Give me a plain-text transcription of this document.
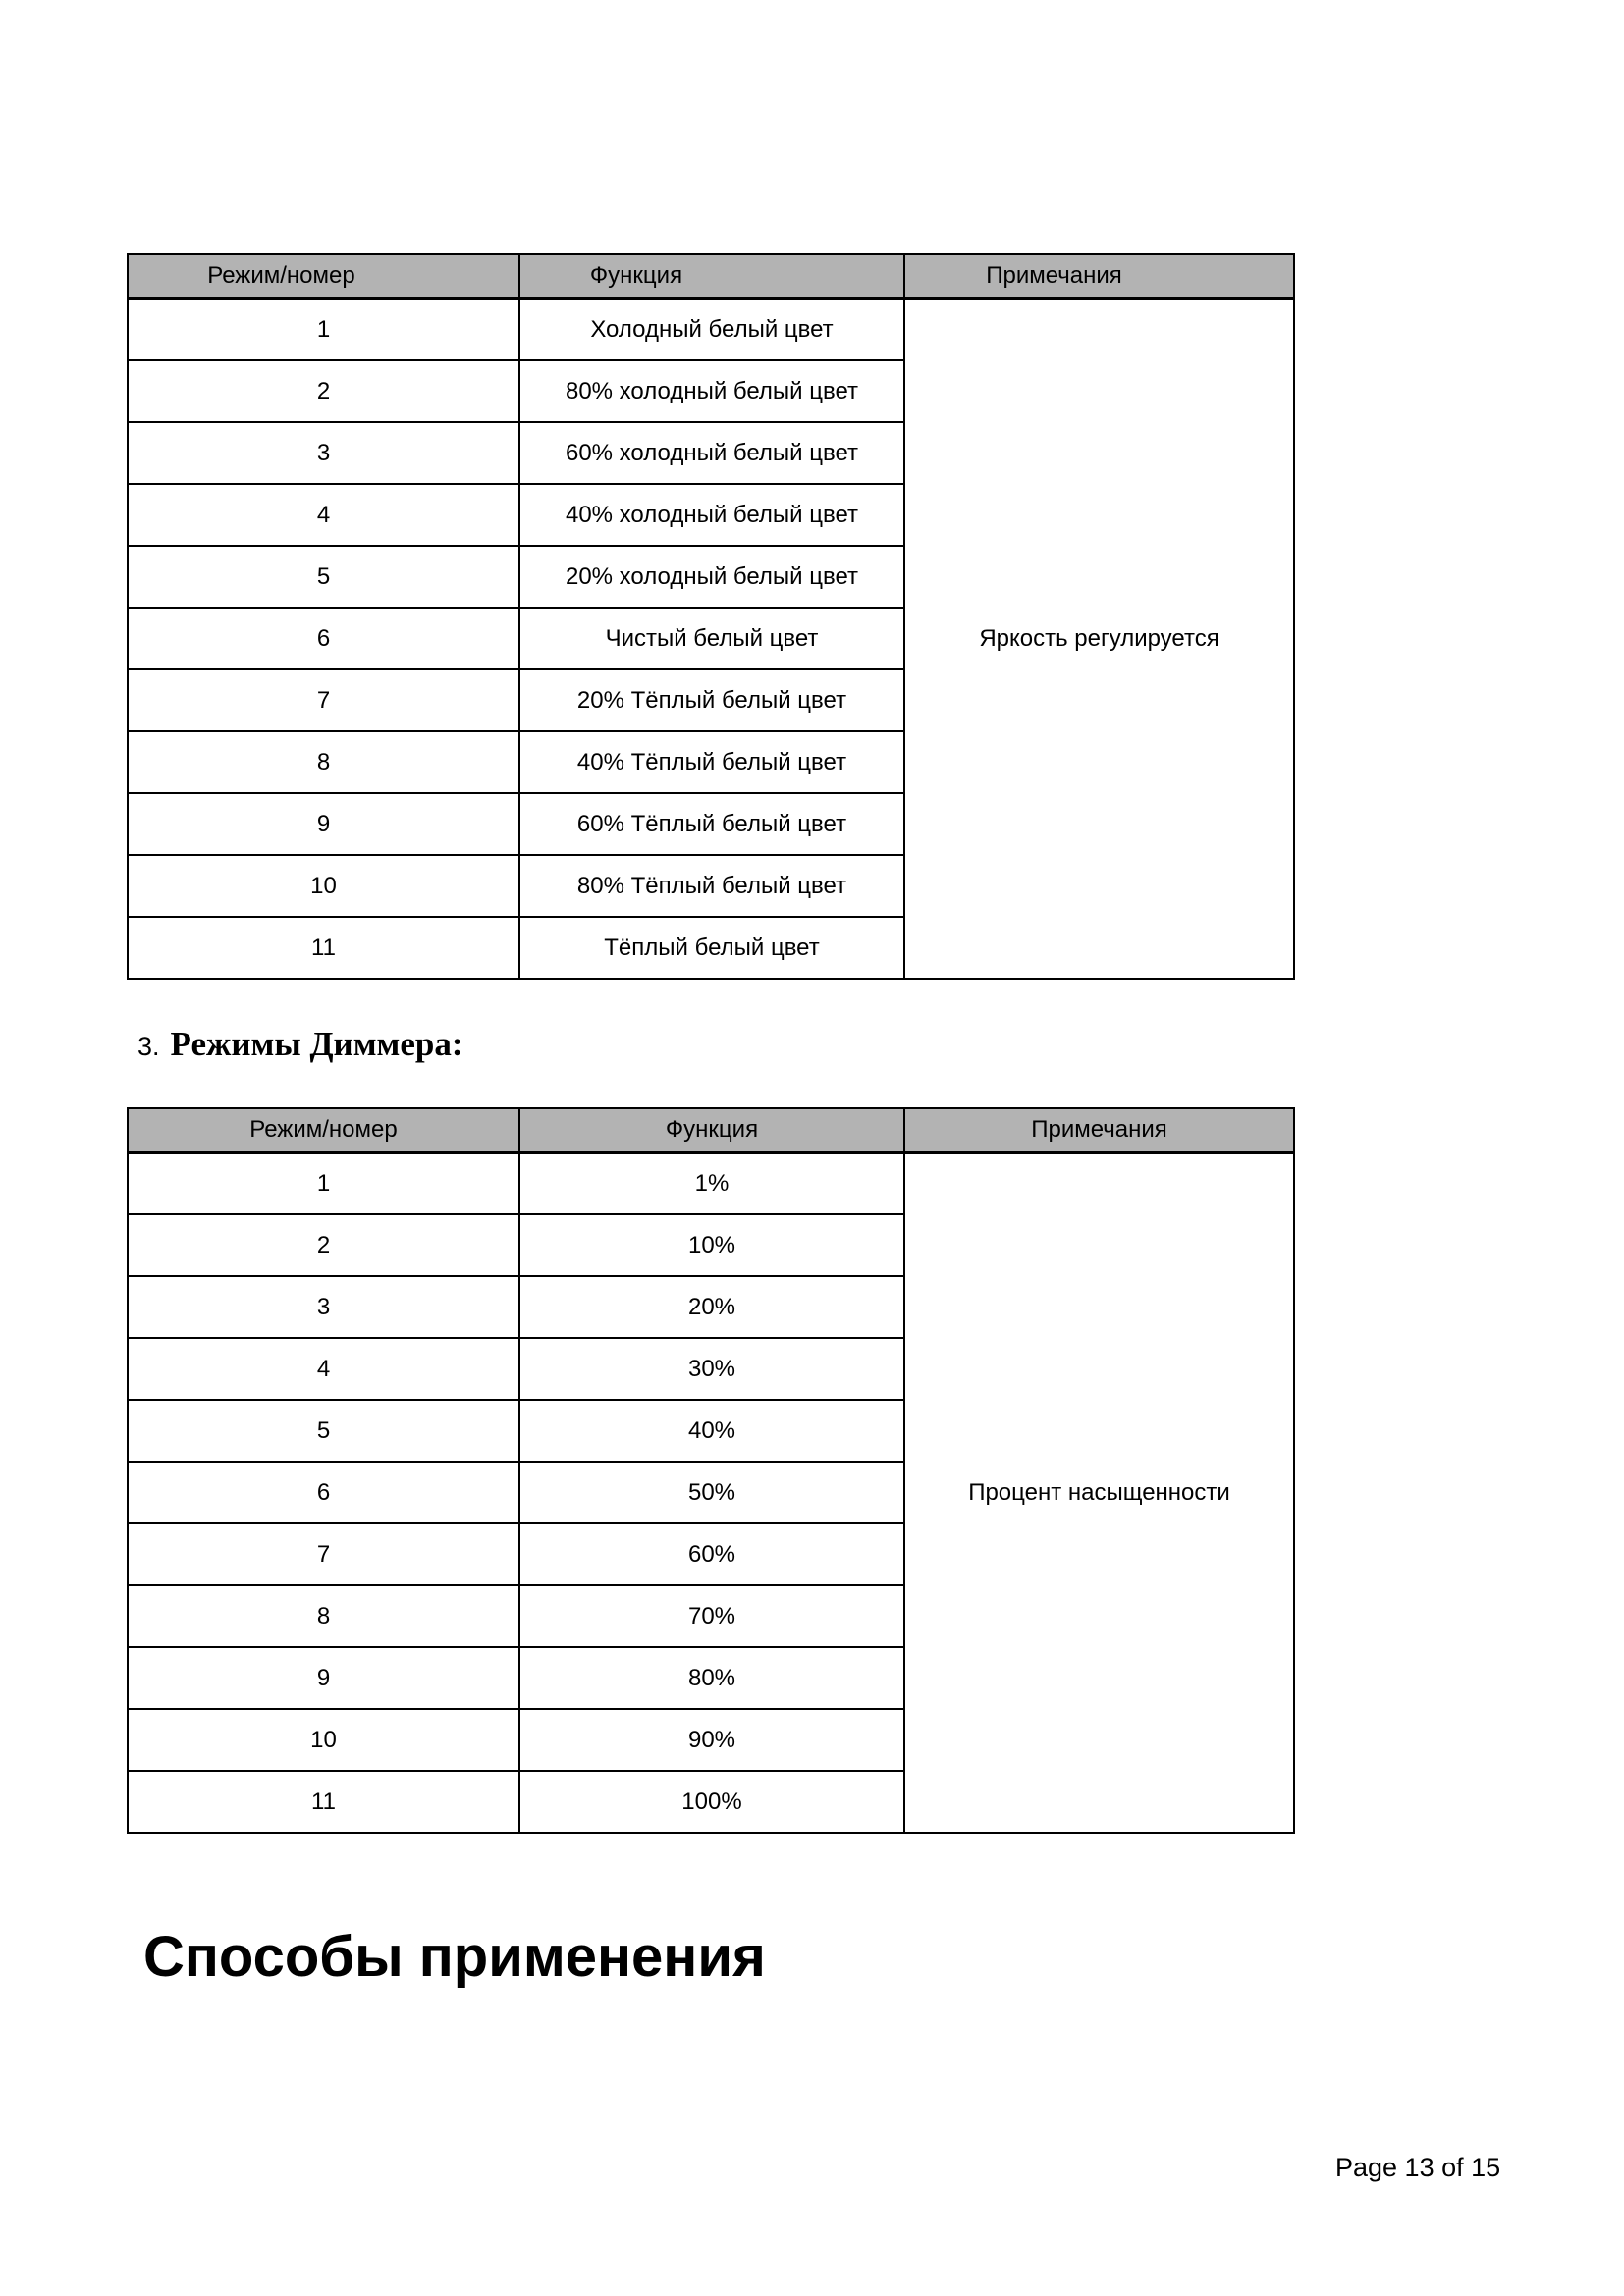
Режим/номер	Функция	Примечания
1	Холодный белый цвет	Яркость регулируется
2	80% холодный белый цвет	
3	60% холодный белый цвет	
4	40% холодный белый цвет	
5	20% холодный белый цвет	
6	Чистый белый цвет	
7	20% Тёплый белый цвет	
8	40% Тёплый белый цвет	
9	60% Тёплый белый цвет	
10	80% Тёплый белый цвет	
11	Тёплый белый цвет	
3. Режимы Диммера:
Режим/номер	Функция	Примечания
1	1%	Процент насыщенности
2	10%	
3	20%	
4	30%	
5	40%	
6	50%	
7	60%	
8	70%	
9	80%	
10	90%	
11	100%	
Способы применения
Page 13 of 15
